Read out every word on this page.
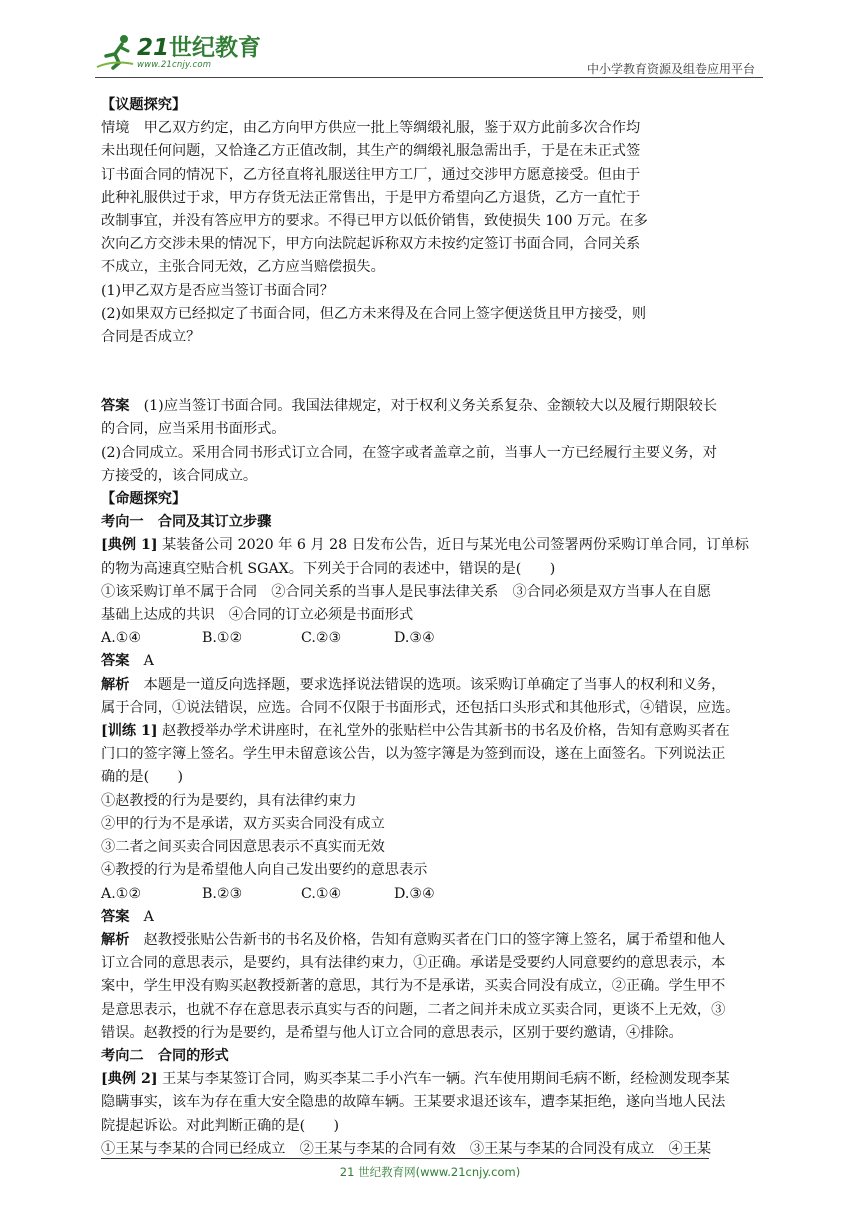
21世纪教育
www.21cnjy.com	中小学教育资源及组卷应用平台
【议题探究】
情境　甲乙双方约定，由乙方向甲方供应一批上等绸缎礼服，鉴于双方此前多次合作均
未出现任何问题，又恰逢乙方正值改制，其生产的绸缎礼服急需出手，于是在未正式签
订书面合同的情况下，乙方径直将礼服送往甲方工厂，通过交涉甲方愿意接受。但由于
此种礼服供过于求，甲方存货无法正常售出，于是甲方希望向乙方退货，乙方一直忙于
改制事宜，并没有答应甲方的要求。不得已甲方以低价销售，致使损失 100 万元。在多
次向乙方交涉未果的情况下，甲方向法院起诉称双方未按约定签订书面合同，合同关系
不成立，主张合同无效，乙方应当赔偿损失。
(1)甲乙双方是否应当签订书面合同？
(2)如果双方已经拟定了书面合同，但乙方未来得及在合同上签字便送货且甲方接受，则
合同是否成立？
答案　 (1)应当签订书面合同。我国法律规定，对于权利义务关系复杂、金额较大以及履行期限较长
的合同，应当采用书面形式。
(2)合同成立。采用合同书形式订立合同，在签字或者盖章之前，当事人一方已经履行主要义务，对
方接受的，该合同成立。
【命题探究】
考向一　合同及其订立步骤
[典例 1] 某装备公司 2020 年 6 月 28 日发布公告，近日与某光电公司签署两份采购订单合同，订单标
的物为高速真空贴合机 SGAX。下列关于合同的表述中，错误的是(　　)
①该采购订单不属于合同　②合同关系的当事人是民事法律关系　③合同必须是双方当事人在自愿
基础上达成的共识　④合同的订立必须是书面形式
A.①④	B.①②	C.②③	D.③④
答案　 A
解析　 本题是一道反向选择题，要求选择说法错误的选项。该采购订单确定了当事人的权利和义务，
属于合同，①说法错误，应选。合同不仅限于书面形式，还包括口头形式和其他形式，④错误，应选。
[训练 1] 赵教授举办学术讲座时，在礼堂外的张贴栏中公告其新书的书名及价格，告知有意购买者在
门口的签字簿上签名。学生甲未留意该公告，以为签字簿是为签到而设，遂在上面签名。下列说法正
确的是(　　)
①赵教授的行为是要约，具有法律约束力
②甲的行为不是承诺，双方买卖合同没有成立
③二者之间买卖合同因意思表示不真实而无效
④教授的行为是希望他人向自己发出要约的意思表示
A.①②	B.②③	C.①④	D.③④
答案　 A
解析　 赵教授张贴公告新书的书名及价格，告知有意购买者在门口的签字簿上签名，属于希望和他人
订立合同的意思表示，是要约，具有法律约束力，①正确。承诺是受要约人同意要约的意思表示，本
案中，学生甲没有购买赵教授新著的意思，其行为不是承诺，买卖合同没有成立，②正确。学生甲不
是意思表示，也就不存在意思表示真实与否的问题，二者之间并未成立买卖合同，更谈不上无效，③
错误。赵教授的行为是要约，是希望与他人订立合同的意思表示，区别于要约邀请，④排除。
考向二　合同的形式
[典例 2] 王某与李某签订合同，购买李某二手小汽车一辆。汽车使用期间毛病不断，经检测发现李某
隐瞒事实，该车为存在重大安全隐患的故障车辆。王某要求退还该车，遭李某拒绝，遂向当地人民法
院提起诉讼。对此判断正确的是(　　)
①王某与李某的合同已经成立　②王某与李某的合同有效　③王某与李某的合同没有成立　④王某
21 世纪教育网(www.21cnjy.com)
